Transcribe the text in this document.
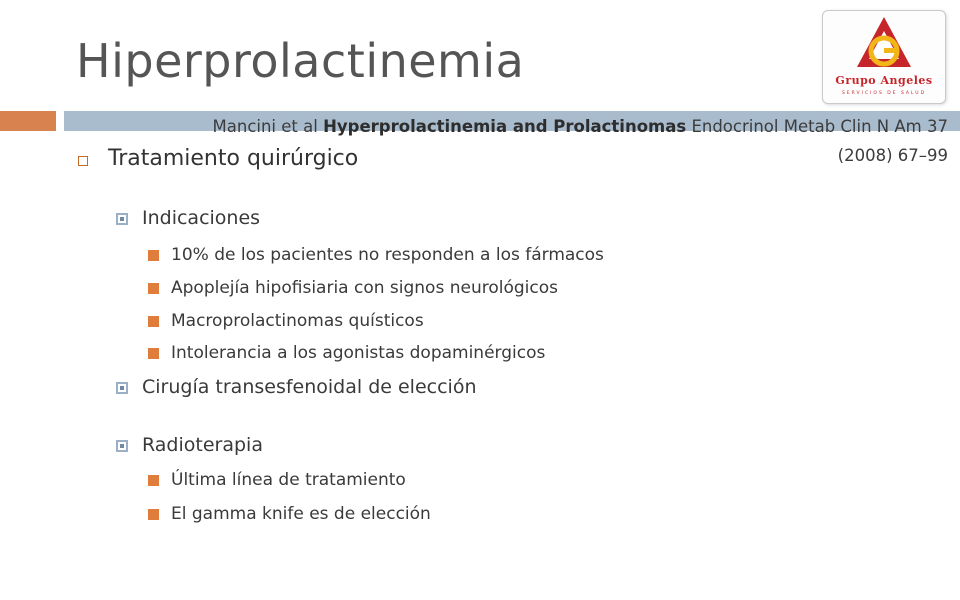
Hiperprolactinemia
Mancini et al Hyperprolactinemia and Prolactinomas Endocrinol Metab Clin N Am 37
(2008) 67–99
Grupo Angeles
SERVICIOS DE SALUD
Tratamiento quirúrgico
Indicaciones
10% de los pacientes no responden a los fármacos
Apoplejía hipofisiaria con signos neurológicos
Macroprolactinomas quísticos
Intolerancia a los agonistas dopaminérgicos
Cirugía transesfenoidal de elección
Radioterapia
Última línea de tratamiento
El gamma knife es de elección
